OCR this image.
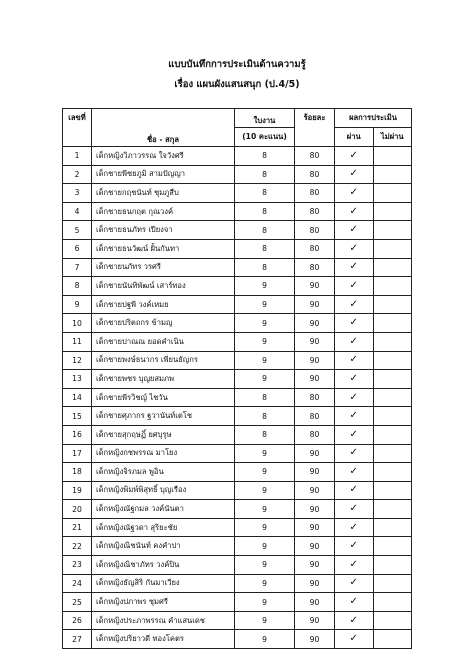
แบบบันทึกการประเมินด้านความรู้
เรื่อง แผนผังแสนสนุก (ป.4/5)
เลขที่	ชื่อ - สกุล	ใบงาน	ร้อยละ	ผลการประเมิน	
		(10 คะแนน)		ผ่าน	ไม่ผ่าน
1	เด็กหญิงวิภาวรรณ ใจวังศรี	8	80	✓	
2	เด็กชายพีชยภูมิ สามปัญญา	8	80	✓	
3	เด็กชายกฤชนันท์ ชุมภูสืบ	8	80	✓	
4	เด็กชายธนกฤต กุณวงค์	8	80	✓	
5	เด็กชายธนภัทร เปียงจา	8	80	✓	
6	เด็กชายธนวัฒน์ ฝั้นกันทา	8	80	✓	
7	เด็กชายนภัทร วรศรี	8	80	✓	
8	เด็กชายนันทิพัฒน์ เสาร์ทอง	9	90	✓	
9	เด็กชายปฐพี วงค์เหมย	9	90	✓	
10	เด็กชายปริตถกร ข้ามญ	9	90	✓	
11	เด็กชายปาณณ ยอดคำเนิน	9	90	✓	
12	เด็กชายพงษ์ธนากร เพียนธัญกร	9	90	✓	
13	เด็กชายพชร บุญยสมภพ	9	90	✓	
14	เด็กชายพีรวิชญ์ ไชวัน	8	80	✓	
15	เด็กชายศุภากร ฐวานันท์เตโช	8	80	✓	
16	เด็กชายสุกฤษฏิ์ ยศบุรุษ	8	80	✓	
17	เด็กหญิงกชพรรณ มาโยง	9	90	✓	
18	เด็กหญิงจิรภมล พูอิน	9	90	✓	
19	เด็กหญิงพิมพ์พิสุทธิ์ บุญเรือง	9	90	✓	
20	เด็กหญิงณัฐกมล วงค์นันตา	9	90	✓	
21	เด็กหญิงณัฐวดา สุริยะชัย	9	90	✓	
22	เด็กหญิงณิชนันท์ คงคำปา	9	90	✓	
23	เด็กหญิงณิชาภัทร วงค์ปิน	9	90	✓	
24	เด็กหญิงธัญสิริ กันมาเวียง	9	90	✓	
25	เด็กหญิงปภาพร ชุมศรี	9	90	✓	
26	เด็กหญิงประภาพรรณ คำแสนเดช	9	90	✓	
27	เด็กหญิงปริยาวดี ทองโคตร	9	90	✓	
